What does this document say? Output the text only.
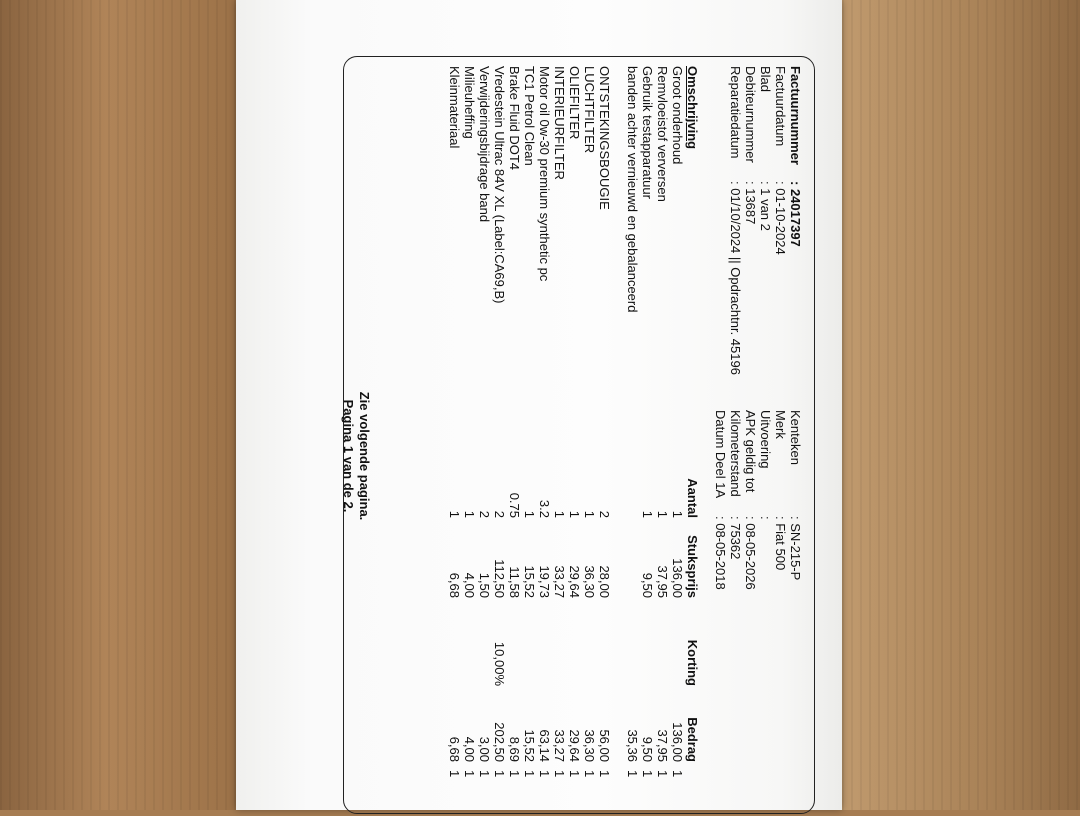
Factuurnummer
: 24017397
Factuurdatum
: 01-10-2024
Blad
: 1 van 2
Debiteurnummer
: 13687
Reparatiedatum
: 01/10/2024 || Opdrachtnr. 45196
Kenteken
: SN-215-P
Merk
: Fiat 500
Uitvoering
:
APK geldig tot
: 08-05-2026
Kilometerstand
: 75362
Datum Deel 1A
: 08-05-2018
Omschrijving
Aantal
Stuksprijs
Korting
Bedrag
Groot onderhoud
1
136,00
136,00
1
Remvloeistof verversen
1
37,95
37,95
1
Gebruik testapparatuur
1
9,50
9,50
1
banden achter vernieuwd en gebalanceerd
35,36
1
ONTSTEKINGSBOUGIE
2
28,00
56,00
1
LUCHTFILTER
1
36,30
36,30
1
OLIEFILTER
1
29,64
29,64
1
INTERIEURFILTER
1
33,27
33,27
1
Motor oil 0w-30 premium synthetic pc
3.2
19,73
63,14
1
TC1 Petrol Clean
1
15,52
15,52
1
Brake Fluid DOT4
0.75
11,58
8,69
1
Vredestein Ultrac 84V XL (Label:CA69,B)
2
112,50
10,00%
202,50
1
Verwijderingsbijdrage band
2
1,50
3,00
1
Milieuheffing
1
4,00
4,00
1
Kleinmateriaal
1
6,68
6,68
1
Zie volgende pagina.
Pagina 1 van de 2.
